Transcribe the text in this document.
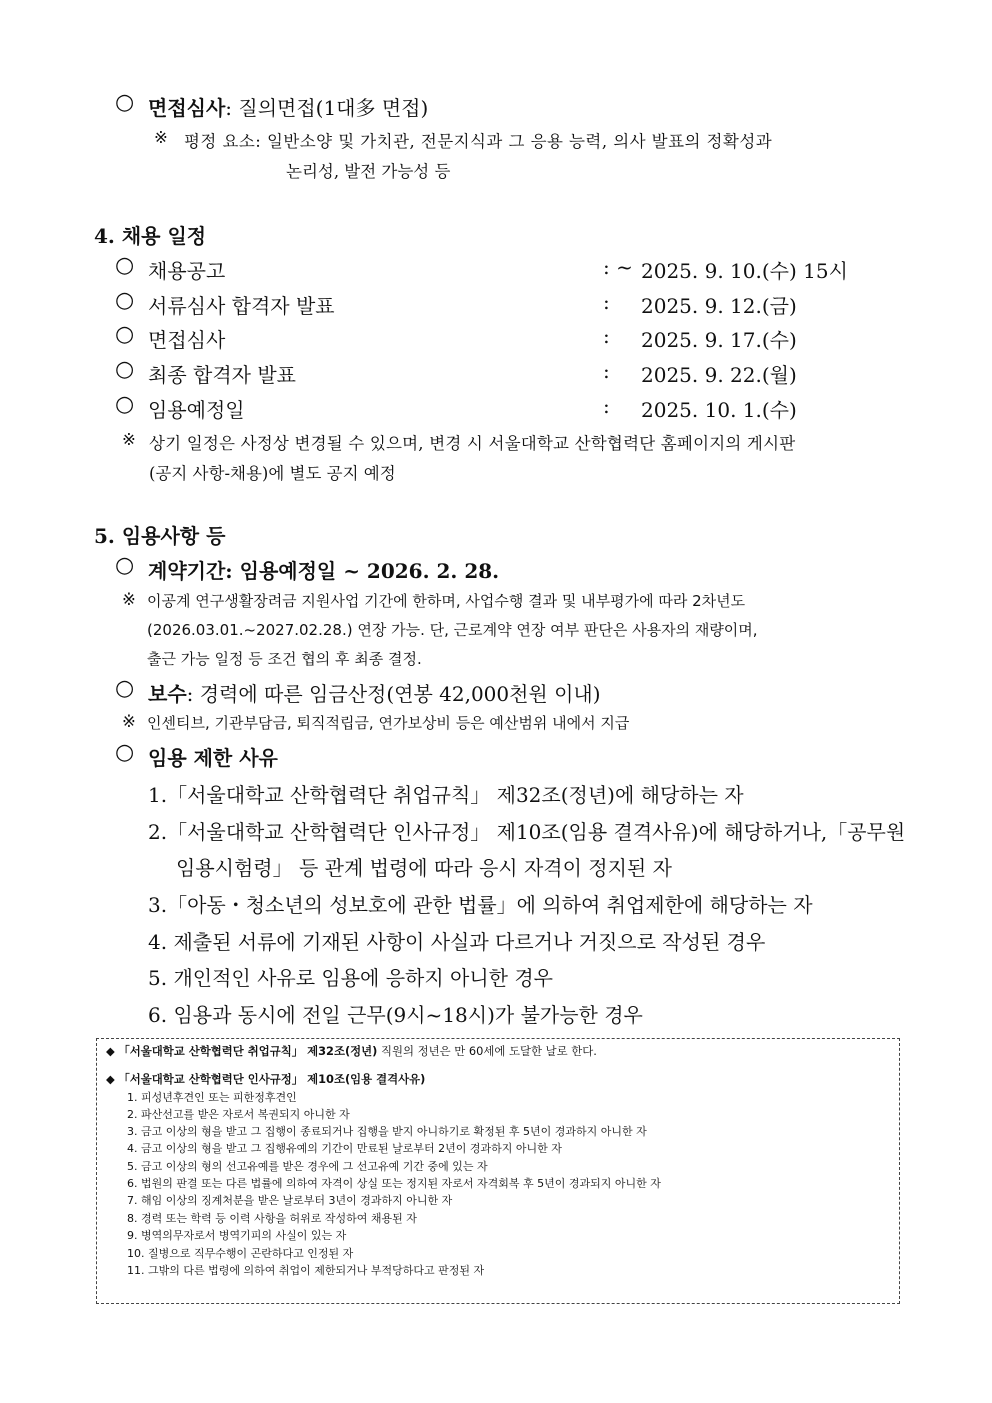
○ 면접심사: 질의면접(1대多 면접)
※ 평정 요소: 일반소양 및 가치관, 전문지식과 그 응용 능력, 의사 발표의 정확성과
논리성, 발전 가능성 등
4. 채용 일정
○ 채용공고	: ~ 2025. 9. 10.(수) 15시
○ 서류심사 합격자 발표	: 2025. 9. 12.(금)
○ 면접심사	: 2025. 9. 17.(수)
○ 최종 합격자 발표	: 2025. 9. 22.(월)
○ 임용예정일	: 2025. 10. 1.(수)
※ 상기 일정은 사정상 변경될 수 있으며, 변경 시 서울대학교 산학협력단 홈페이지의 게시판
(공지 사항-채용)에 별도 공지 예정
5. 임용사항 등
○ 계약기간: 임용예정일 ~ 2026. 2. 28.
※ 이공계 연구생활장려금 지원사업 기간에 한하며, 사업수행 결과 및 내부평가에 따라 2차년도
(2026.03.01.~2027.02.28.) 연장 가능. 단, 근로계약 연장 여부 판단은 사용자의 재량이며,
출근 가능 일정 등 조건 협의 후 최종 결정.
○ 보수: 경력에 따른 임금산정(연봉 42,000천원 이내)
※ 인센티브, 기관부담금, 퇴직적립금, 연가보상비 등은 예산범위 내에서 지급
○ 임용 제한 사유
1.「서울대학교 산학협력단 취업규칙」 제32조(정년)에 해당하는 자
2.「서울대학교 산학협력단 인사규정」 제10조(임용 결격사유)에 해당하거나,「공무원
임용시험령」 등 관계 법령에 따라 응시 자격이 정지된 자
3.「아동・청소년의 성보호에 관한 법률」에 의하여 취업제한에 해당하는 자
4. 제출된 서류에 기재된 사항이 사실과 다르거나 거짓으로 작성된 경우
5. 개인적인 사유로 임용에 응하지 아니한 경우
6. 임용과 동시에 전일 근무(9시~18시)가 불가능한 경우
◆ 「서울대학교 산학협력단 취업규칙」 제32조(정년) 직원의 정년은 만 60세에 도달한 날로 한다.
◆ 「서울대학교 산학협력단 인사규정」 제10조(임용 결격사유)
1. 피성년후견인 또는 피한정후견인
2. 파산선고를 받은 자로서 복권되지 아니한 자
3. 금고 이상의 형을 받고 그 집행이 종료되거나 집행을 받지 아니하기로 확정된 후 5년이 경과하지 아니한 자
4. 금고 이상의 형을 받고 그 집행유예의 기간이 만료된 날로부터 2년이 경과하지 아니한 자
5. 금고 이상의 형의 선고유예를 받은 경우에 그 선고유예 기간 중에 있는 자
6. 법원의 판결 또는 다른 법률에 의하여 자격이 상실 또는 정지된 자로서 자격회복 후 5년이 경과되지 아니한 자
7. 해임 이상의 징계처분을 받은 날로부터 3년이 경과하지 아니한 자
8. 경력 또는 학력 등 이력 사항을 허위로 작성하여 채용된 자
9. 병역의무자로서 병역기피의 사실이 있는 자
10. 질병으로 직무수행이 곤란하다고 인정된 자
11. 그밖의 다른 법령에 의하여 취업이 제한되거나 부적당하다고 판정된 자
